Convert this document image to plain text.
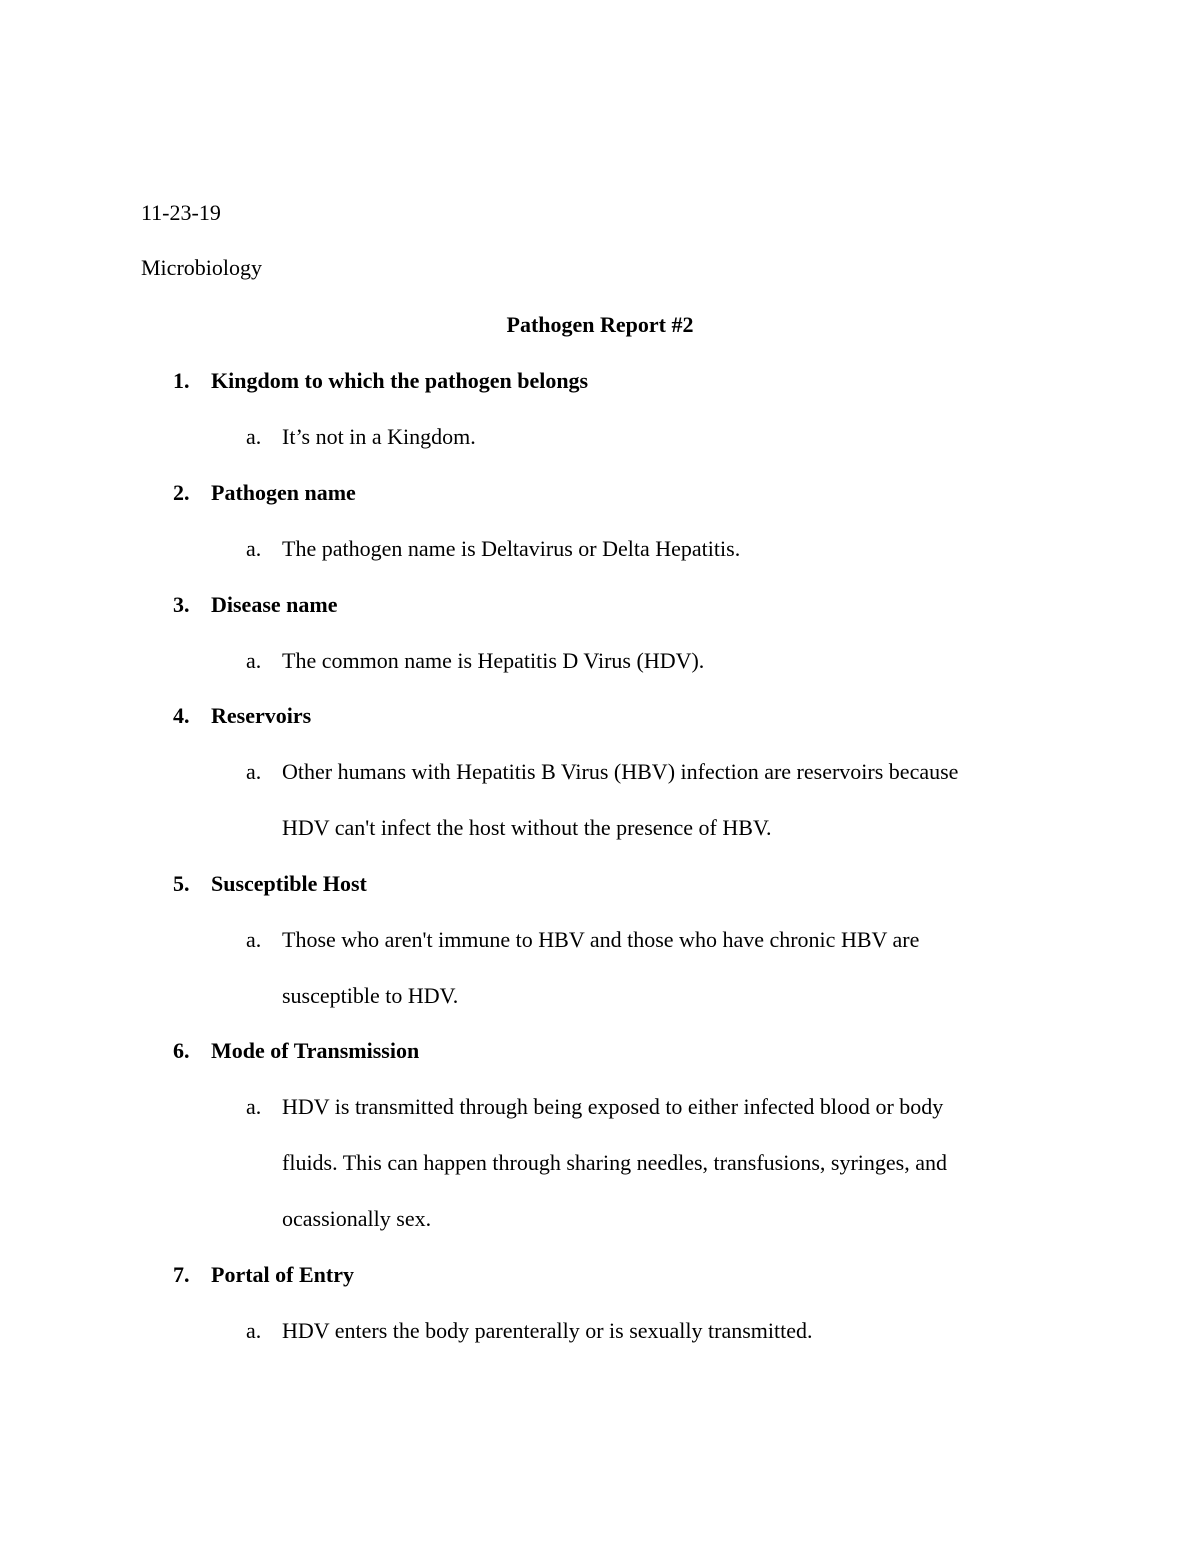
11-23-19
Microbiology
Pathogen Report #2
1. Kingdom to which the pathogen belongs
a. It’s not in a Kingdom.
2. Pathogen name
a. The pathogen name is Deltavirus or Delta Hepatitis.
3. Disease name
a. The common name is Hepatitis D Virus (HDV).
4. Reservoirs
a. Other humans with Hepatitis B Virus (HBV) infection are reservoirs because
HDV can't infect the host without the presence of HBV.
5. Susceptible Host
a. Those who aren't immune to HBV and those who have chronic HBV are
susceptible to HDV.
6. Mode of Transmission
a. HDV is transmitted through being exposed to either infected blood or body
fluids. This can happen through sharing needles, transfusions, syringes, and
ocassionally sex.
7. Portal of Entry
a. HDV enters the body parenterally or is sexually transmitted.
